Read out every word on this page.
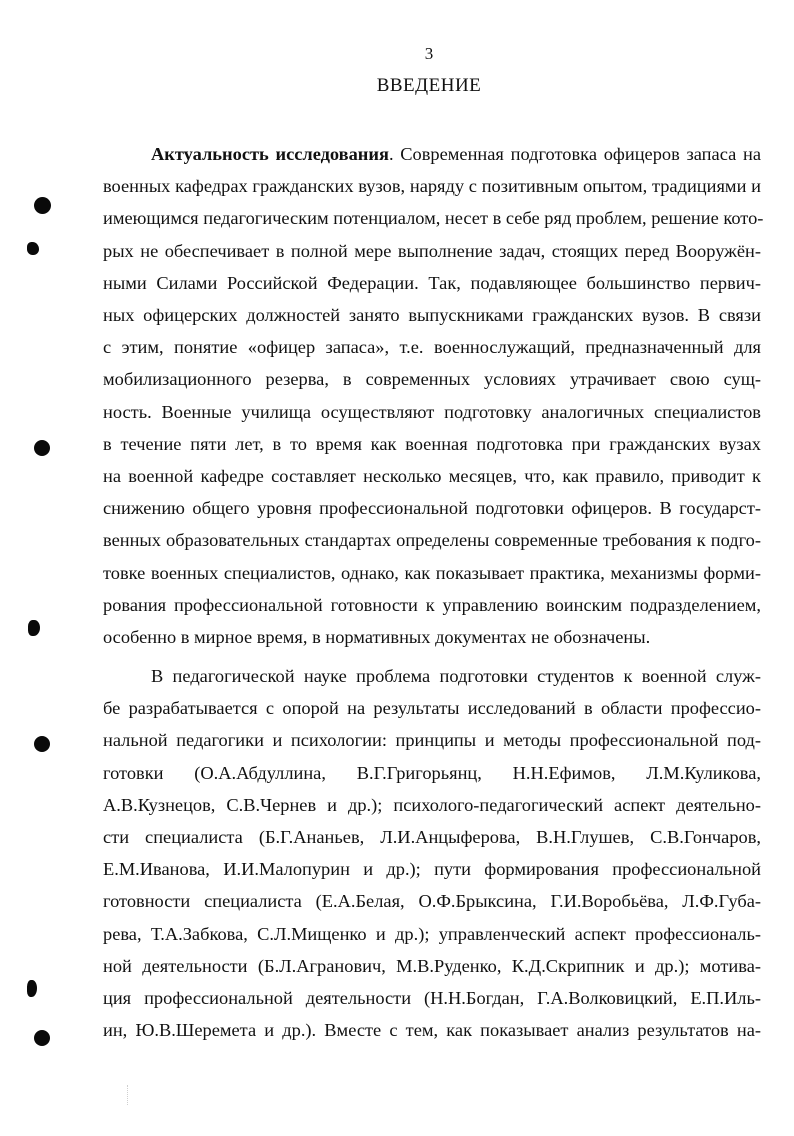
3
ВВЕДЕНИЕ
Актуальность исследования. Современная подготовка офицеров запаса на
военных кафедрах гражданских вузов, наряду с позитивным опытом, традициями и
имеющимся педагогическим потенциалом, несет в себе ряд проблем, решение кото-
рых не обеспечивает в полной мере выполнение задач, стоящих перед Вооружён-
ными Силами Российской Федерации. Так, подавляющее большинство первич-
ных офицерских должностей занято выпускниками гражданских вузов. В связи
с этим, понятие «офицер запаса», т.е. военнослужащий, предназначенный для
мобилизационного резерва, в современных условиях утрачивает свою сущ-
ность. Военные училища осуществляют подготовку аналогичных специалистов
в течение пяти лет, в то время как военная подготовка при гражданских вузах
на военной кафедре составляет несколько месяцев, что, как правило, приводит к
снижению общего уровня профессиональной подготовки офицеров. В государст-
венных образовательных стандартах определены современные требования к подго-
товке военных специалистов, однако, как показывает практика, механизмы форми-
рования профессиональной готовности к управлению воинским подразделением,
особенно в мирное время, в нормативных документах не обозначены.
В педагогической науке проблема подготовки студентов к военной служ-
бе разрабатывается с опорой на результаты исследований в области профессио-
нальной педагогики и психологии: принципы и методы профессиональной под-
готовки (О.А.Абдуллина, В.Г.Григорьянц, Н.Н.Ефимов, Л.М.Куликова,
А.В.Кузнецов, С.В.Чернев и др.); психолого-педагогический аспект деятельно-
сти специалиста (Б.Г.Ананьев, Л.И.Анцыферова, В.Н.Глушев, С.В.Гончаров,
Е.М.Иванова, И.И.Малопурин и др.); пути формирования профессиональной
готовности специалиста (Е.А.Белая, О.Ф.Брыксина, Г.И.Воробьёва, Л.Ф.Губа-
рева, Т.А.Забкова, С.Л.Мищенко и др.); управленческий аспект профессиональ-
ной деятельности (Б.Л.Агранович, М.В.Руденко, К.Д.Скрипник и др.); мотива-
ция профессиональной деятельности (Н.Н.Богдан, Г.А.Волковицкий, Е.П.Иль-
ин, Ю.В.Шеремета и др.). Вместе с тем, как показывает анализ результатов на-
